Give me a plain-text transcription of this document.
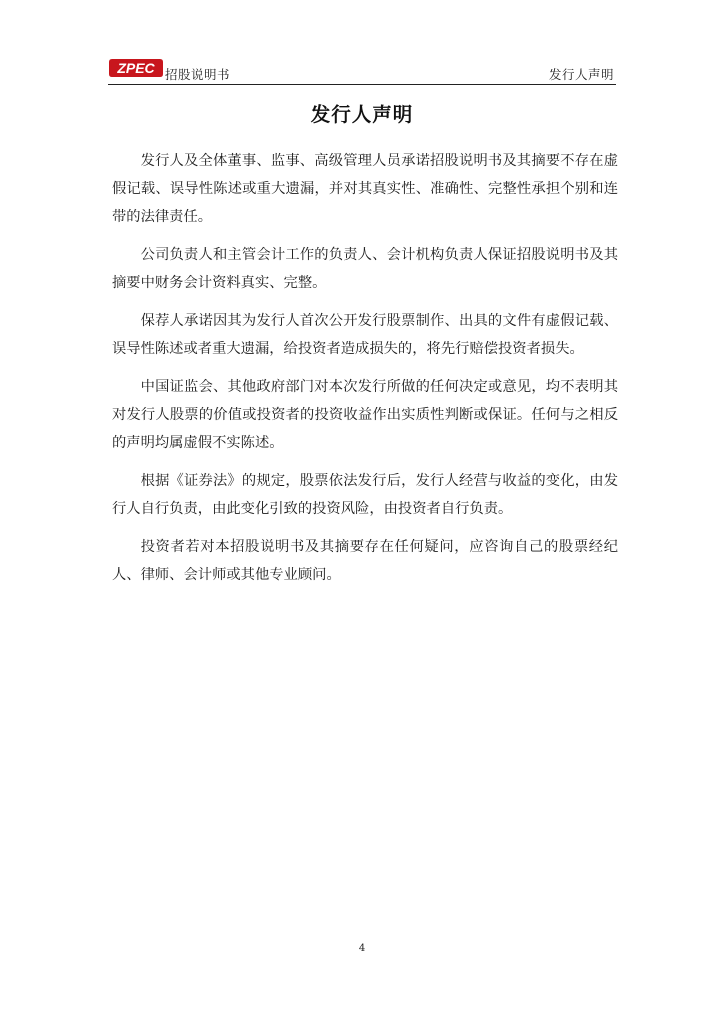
ZPEC 招股说明书	发行人声明
发行人声明

发行人及全体董事、监事、高级管理人员承诺招股说明书及其摘要不存在虚假记载、误导性陈述或重大遗漏，并对其真实性、准确性、完整性承担个别和连带的法律责任。

公司负责人和主管会计工作的负责人、会计机构负责人保证招股说明书及其摘要中财务会计资料真实、完整。

保荐人承诺因其为发行人首次公开发行股票制作、出具的文件有虚假记载、误导性陈述或者重大遗漏，给投资者造成损失的，将先行赔偿投资者损失。

中国证监会、其他政府部门对本次发行所做的任何决定或意见，均不表明其对发行人股票的价值或投资者的投资收益作出实质性判断或保证。任何与之相反的声明均属虚假不实陈述。

根据《证券法》的规定，股票依法发行后，发行人经营与收益的变化，由发行人自行负责，由此变化引致的投资风险，由投资者自行负责。

投资者若对本招股说明书及其摘要存在任何疑问，应咨询自己的股票经纪人、律师、会计师或其他专业顾问。

4
